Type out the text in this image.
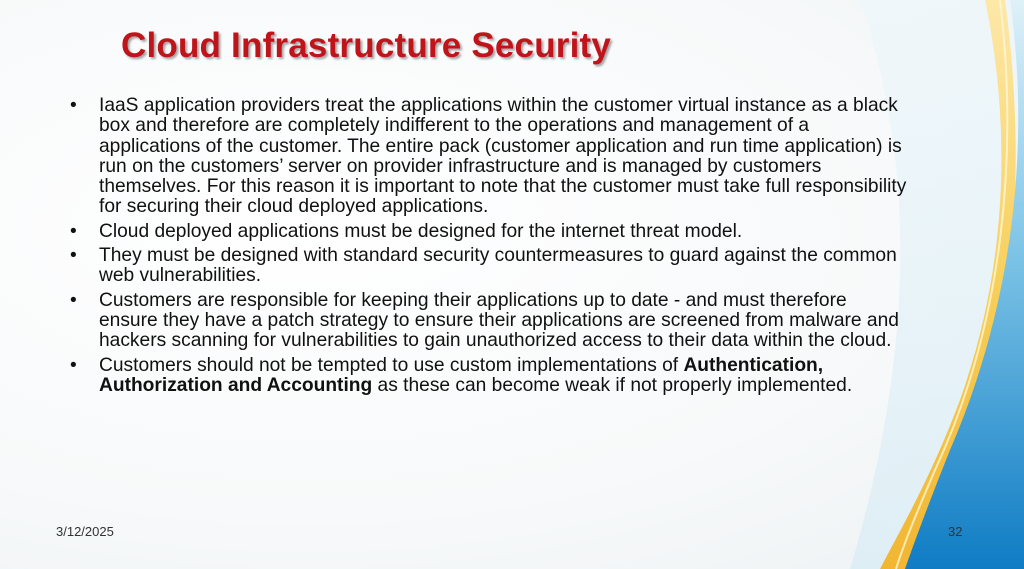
Cloud Infrastructure Security
• IaaS application providers treat the applications within the customer virtual instance as a black box and therefore are completely indifferent to the operations and management of a applications of the customer. The entire pack (customer application and run time application) is run on the customers’ server on provider infrastructure and is managed by customers themselves. For this reason it is important to note that the customer must take full responsibility for securing their cloud deployed applications.
• Cloud deployed applications must be designed for the internet threat model.
• They must be designed with standard security countermeasures to guard against the common web vulnerabilities.
• Customers are responsible for keeping their applications up to date - and must therefore ensure they have a patch strategy to ensure their applications are screened from malware and hackers scanning for vulnerabilities to gain unauthorized access to their data within the cloud.
• Customers should not be tempted to use custom implementations of Authentication, Authorization and Accounting as these can become weak if not properly implemented.
3/12/2025	32
